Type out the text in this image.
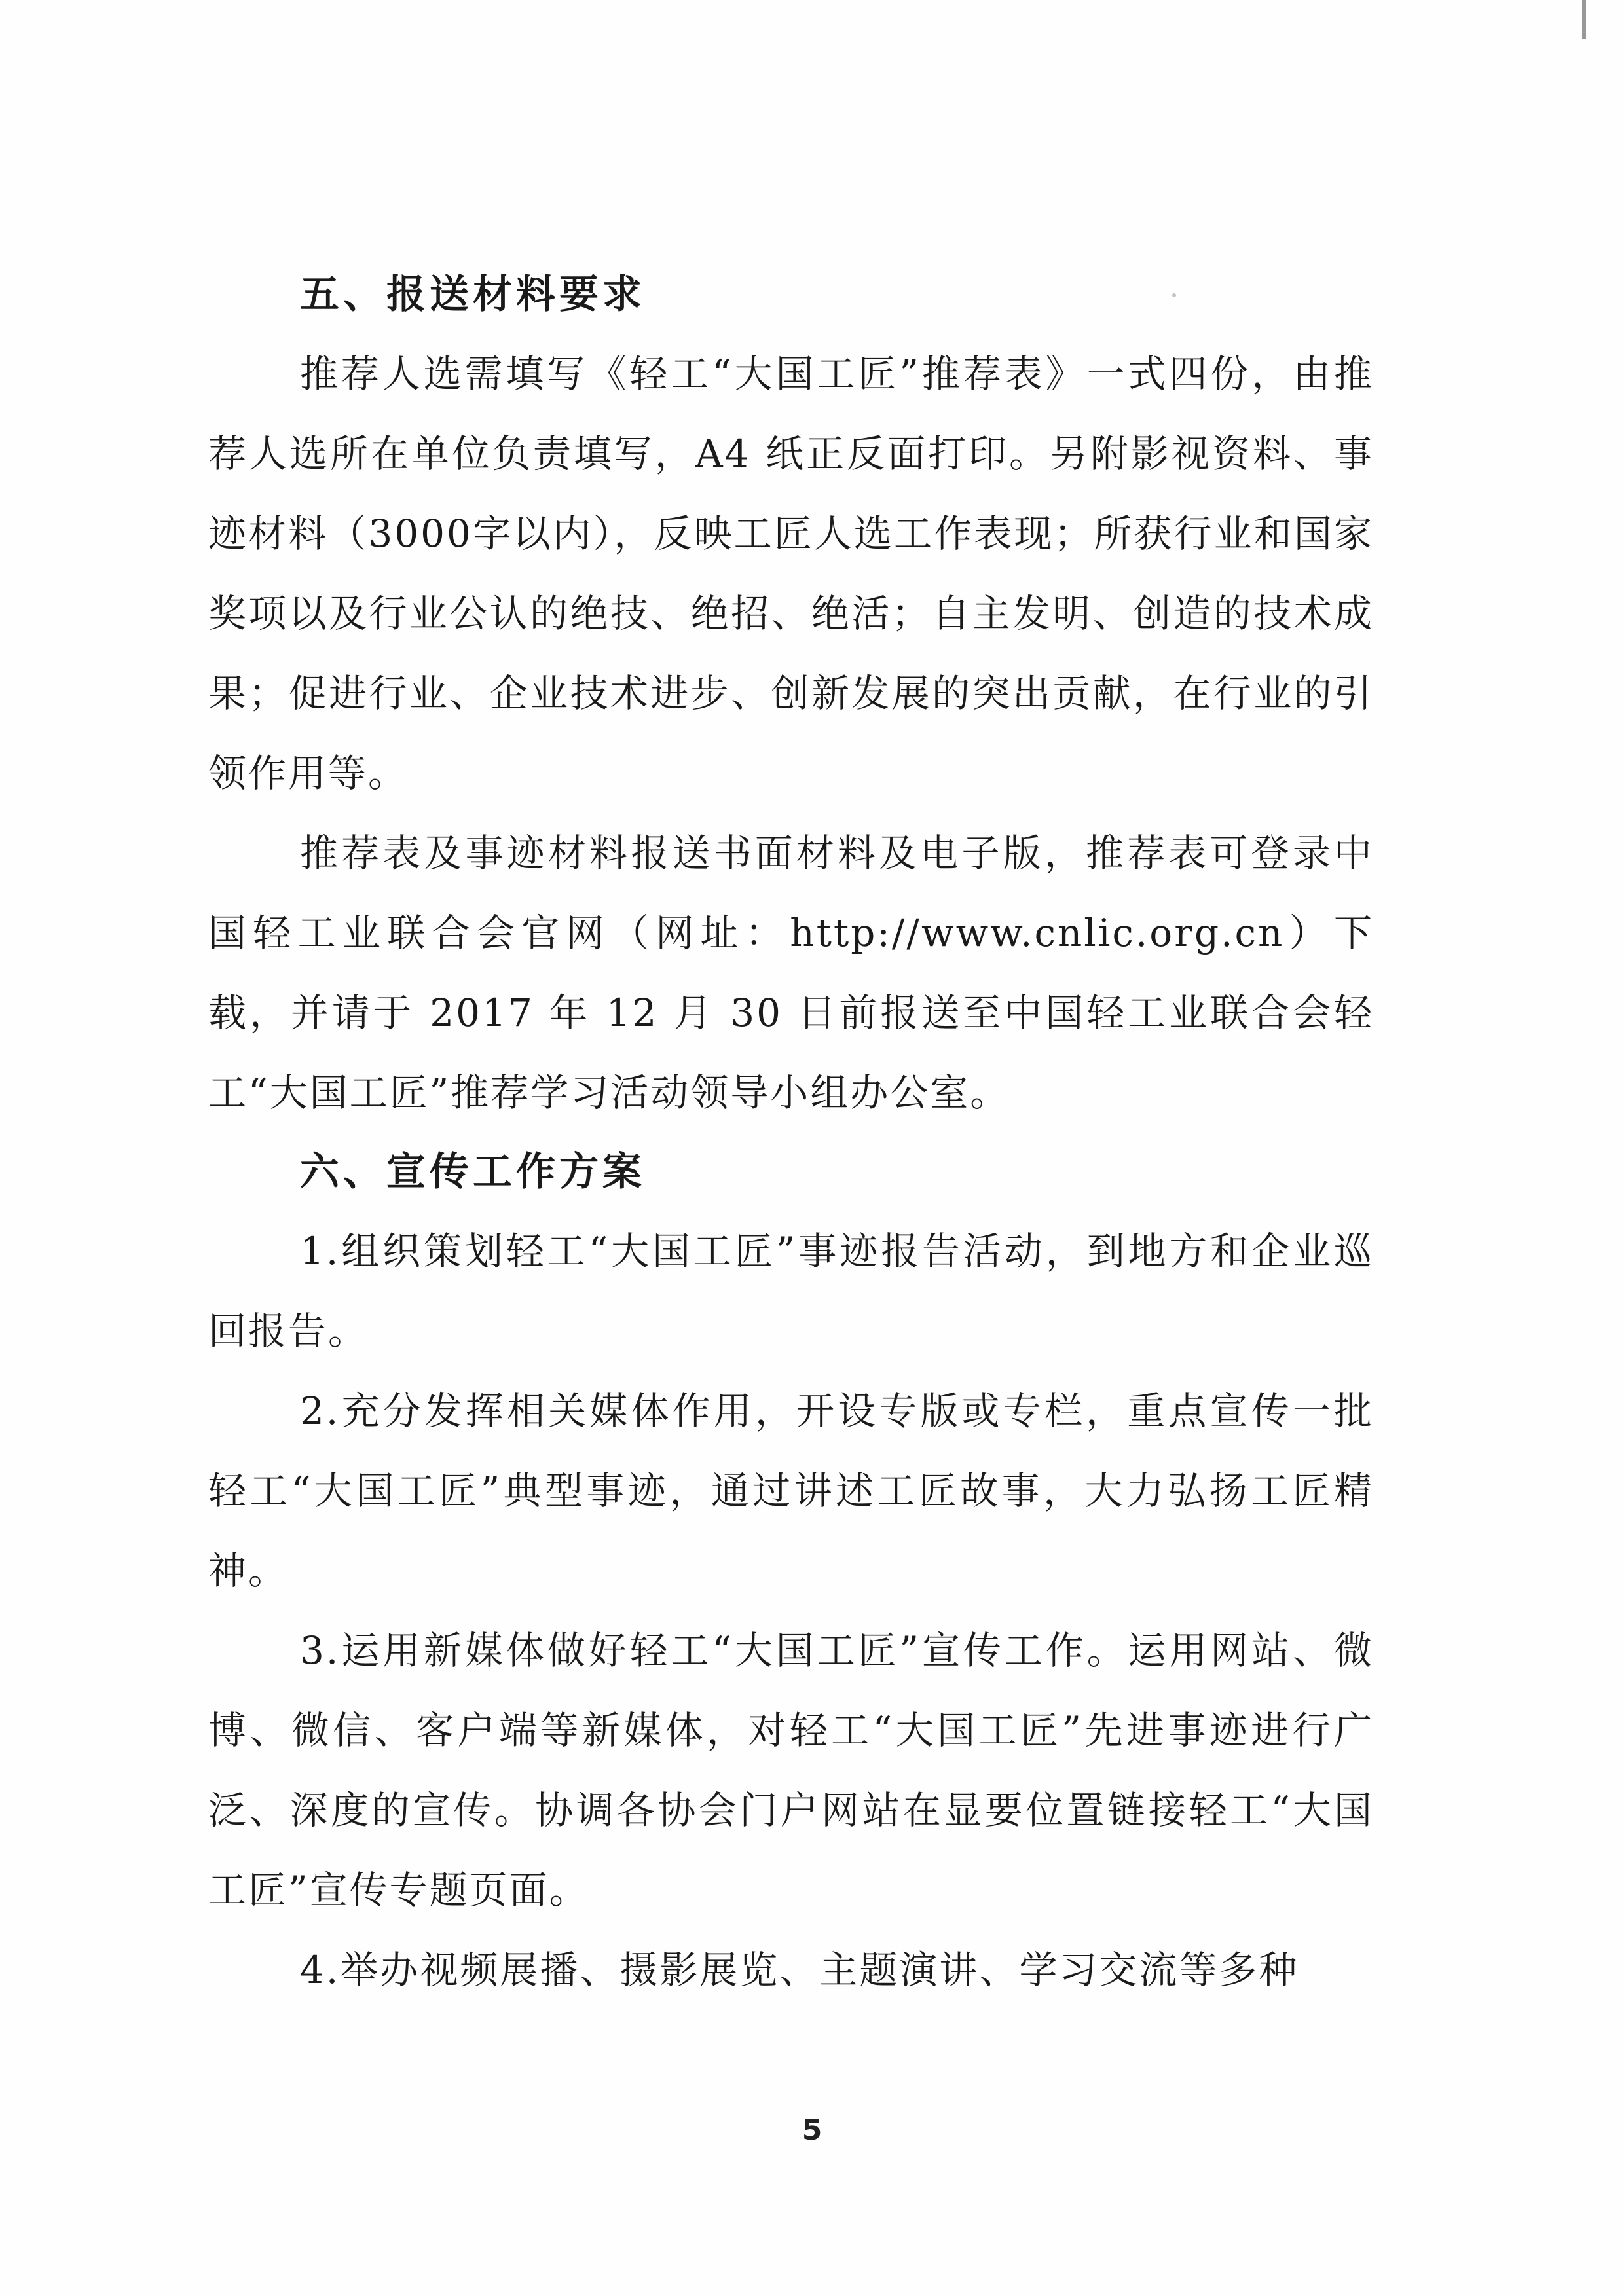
五、报送材料要求

推荐人选需填写《轻工“大国工匠”推荐表》一式四份，由推荐人选所在单位负责填写，A4 纸正反面打印。另附影视资料、事迹材料（3000字以内），反映工匠人选工作表现；所获行业和国家奖项以及行业公认的绝技、绝招、绝活；自主发明、创造的技术成果；促进行业、企业技术进步、创新发展的突出贡献，在行业的引领作用等。

推荐表及事迹材料报送书面材料及电子版，推荐表可登录中国轻工业联合会官网（网址：http://www.cnlic.org.cn）下载，并请于 2017 年 12 月 30 日前报送至中国轻工业联合会轻工“大国工匠”推荐学习活动领导小组办公室。

六、宣传工作方案

1.组织策划轻工“大国工匠”事迹报告活动，到地方和企业巡回报告。

2.充分发挥相关媒体作用，开设专版或专栏，重点宣传一批轻工“大国工匠”典型事迹，通过讲述工匠故事，大力弘扬工匠精神。

3.运用新媒体做好轻工“大国工匠”宣传工作。运用网站、微博、微信、客户端等新媒体，对轻工“大国工匠”先进事迹进行广泛、深度的宣传。协调各协会门户网站在显要位置链接轻工“大国工匠”宣传专题页面。

4.举办视频展播、摄影展览、主题演讲、学习交流等多种

5
